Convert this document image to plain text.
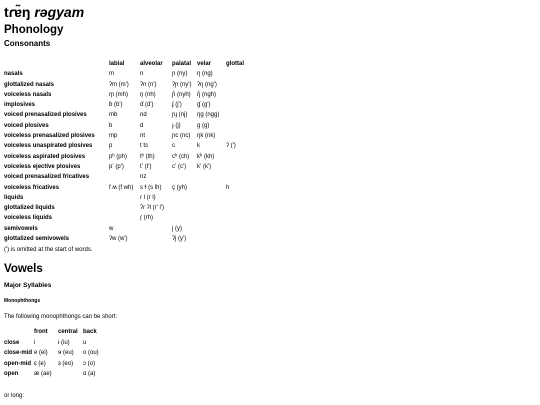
tɾɐ̃ŋ rəgyam
Phonology
Consonants
	labial	alveolar	palatal	velar	glottal
nasals	m	n	ɲ (ny)	ŋ (ng)	
glottalized nasals	ʔm (m')	ʔn (n')	ʔɲ (ny')	ʔŋ (ng')	
voiceless nasals	m̥ (mh)	n̥ (nh)	ɲ̊ (nyh)	ŋ̊ (ngh)	
implosives	ɓ (b')	ɗ (d')	ʄ (j')	ɠ (g')	
voiced prenasalized plosives	mb	nd	ɲɟ (nj)	ŋɡ (ngg)	
voiced plosives	b	d	ɟ (j)	ɡ (g)	
voiceless prenasalized plosives	mp	nt	ɲc (nc)	ŋk (nk)	
voiceless unaspirated plosives	p	t ts	c	k	ʔ (')
voiceless aspirated plosives	pʰ (ph)	tʰ (th)	cʰ (ch)	kʰ (kh)	
voiceless ejective plosives	pʼ (p')	tʼ (t')	cʼ (c')	kʼ (k')	
voiced prenasalized fricatives		nz			
voiceless fricatives	f ʍ (f wh)	s ɬ (s lh)	ç (yh)		h
liquids		ɾ l (r l)			
glottalized liquids		ʔɾ ʔl (r' l')			
voiceless liquids		ɾ̥ (rh)			
semivowels	w		j (y)		
glottalized semivowels	ʔw (w')		ʔj (y')		

(') is omitted at the start of words.

Vowels
Major Syllables
Monophthongs

The following monophthongs can be short:

	front	central	back
close	i	ɨ (iu)	u
close-mid	e (ei)	ɘ (eu)	o (ou)
open-mid	ɛ (e)	ɜ (eo)	ɔ (o)
open	æ (ae)		ɑ (a)

or long:
